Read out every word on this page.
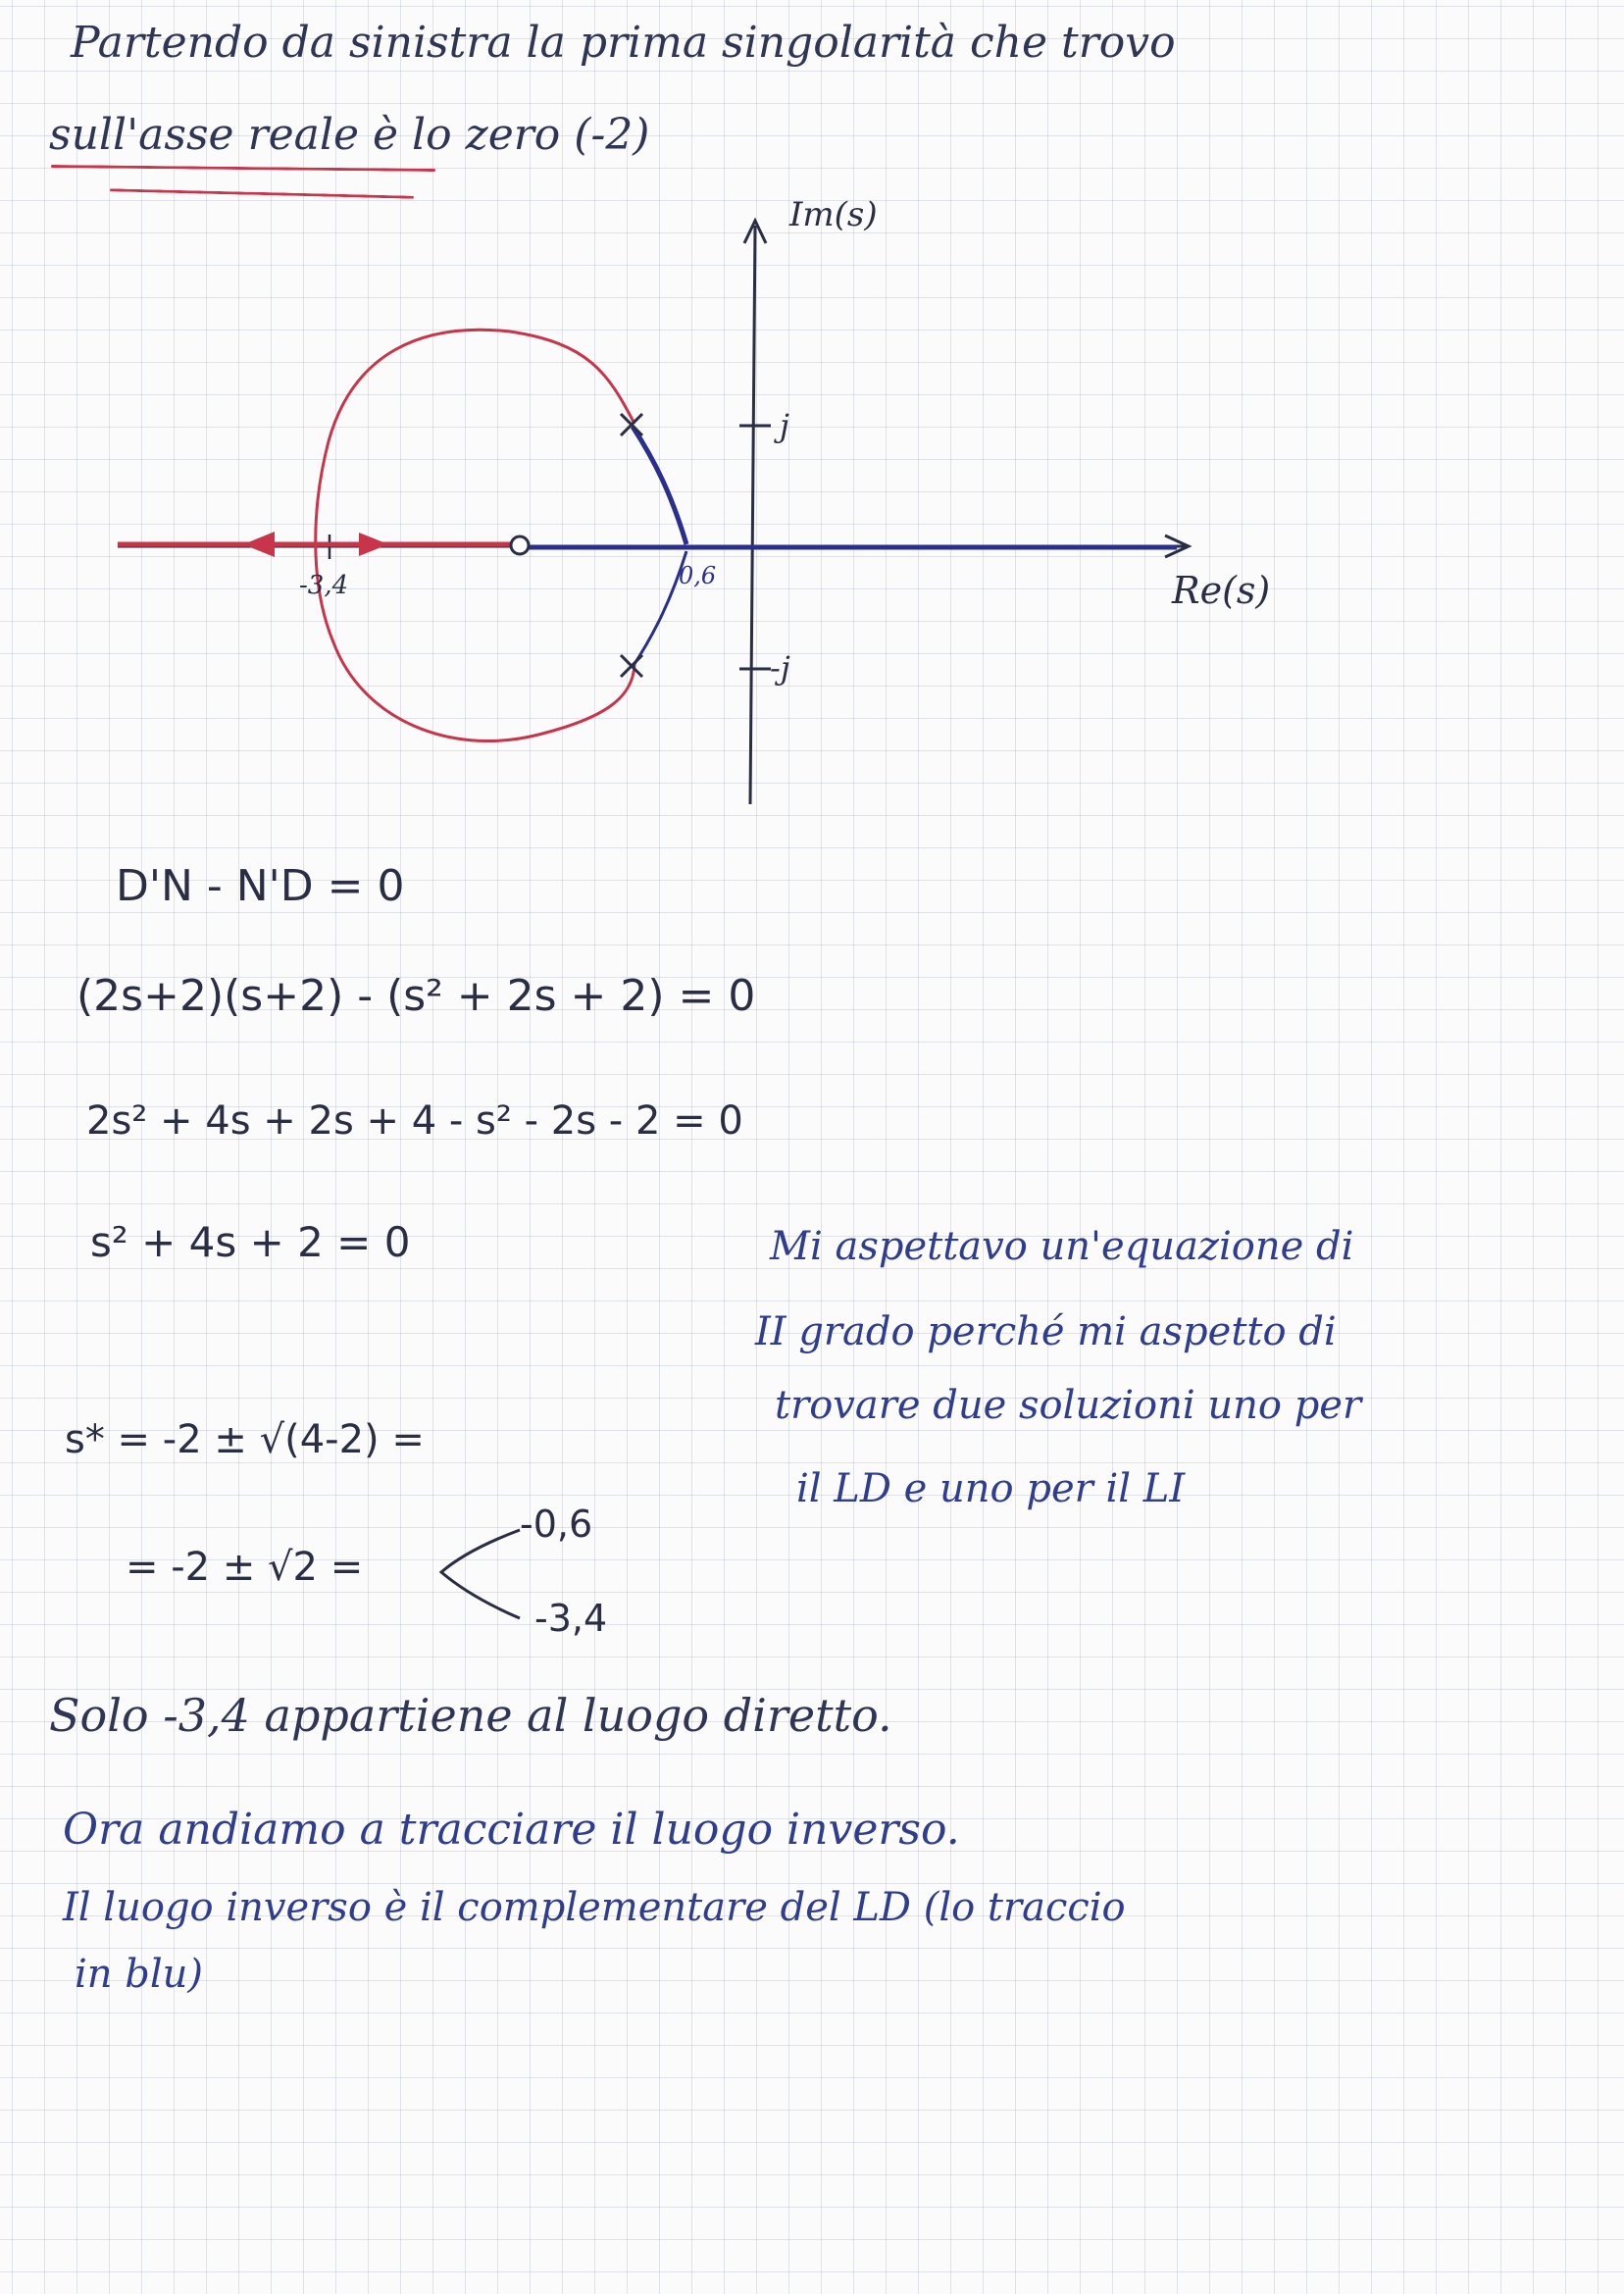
Partendo da sinistra la prima singolarità che trovo
sull'asse reale è lo zero (-2)
Im(s)
Re(s)
j
-j
-3,4	0,6
D'N - N'D = 0
(2s+2)(s+2) - (s² + 2s + 2) = 0
2s² + 4s + 2s + 4 - s² - 2s - 2 = 0
s² + 4s + 2 = 0
s* = -2 ± √(4-2) =
= -2 ± √2 =
-0,6
-3,4
Mi aspettavo un'equazione di
II grado perché mi aspetto di
trovare due soluzioni uno per
il LD e uno per il LI
Solo -3,4 appartiene al luogo diretto.
Ora andiamo a tracciare il luogo inverso.
Il luogo inverso è il complementare del LD (lo traccio
in blu)
